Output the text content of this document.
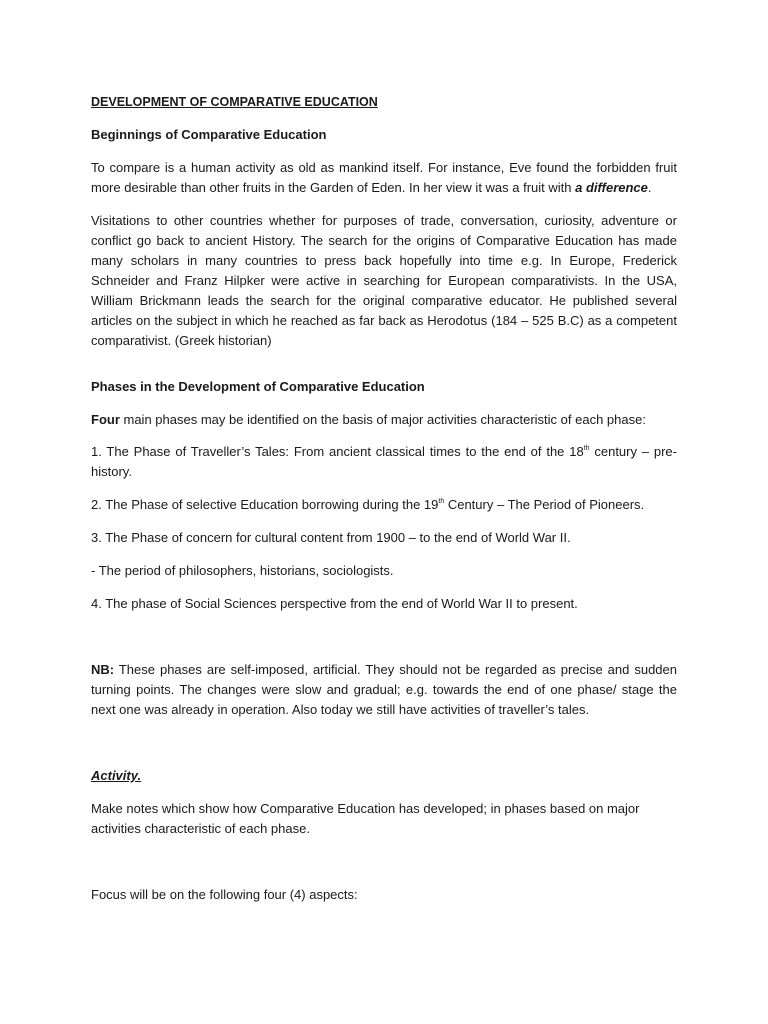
DEVELOPMENT OF COMPARATIVE EDUCATION

Beginnings of Comparative Education

To compare is a human activity as old as mankind itself. For instance, Eve found the forbidden fruit more desirable than other fruits in the Garden of Eden. In her view it was a fruit with a difference.

Visitations to other countries whether for purposes of trade, conversation, curiosity, adventure or conflict go back to ancient History. The search for the origins of Comparative Education has made many scholars in many countries to press back hopefully into time e.g. In Europe, Frederick Schneider and Franz Hilpker were active in searching for European comparativists. In the USA, William Brickmann leads the search for the original comparative educator. He published several articles on the subject in which he reached as far back as Herodotus (184 – 525 B.C) as a competent comparativist. (Greek historian)

Phases in the Development of Comparative Education

Four main phases may be identified on the basis of major activities characteristic of each phase:

1. The Phase of Traveller’s Tales: From ancient classical times to the end of the 18th century – pre-history.

2. The Phase of selective Education borrowing during the 19th Century – The Period of Pioneers.

3. The Phase of concern for cultural content from 1900 – to the end of World War II.

- The period of philosophers, historians, sociologists.

4. The phase of Social Sciences perspective from the end of World War II to present.

NB: These phases are self-imposed, artificial. They should not be regarded as precise and sudden turning points. The changes were slow and gradual; e.g. towards the end of one phase/ stage the next one was already in operation. Also today we still have activities of traveller’s tales.

Activity.

Make notes which show how Comparative Education has developed; in phases based on major activities characteristic of each phase.

Focus will be on the following four (4) aspects:
